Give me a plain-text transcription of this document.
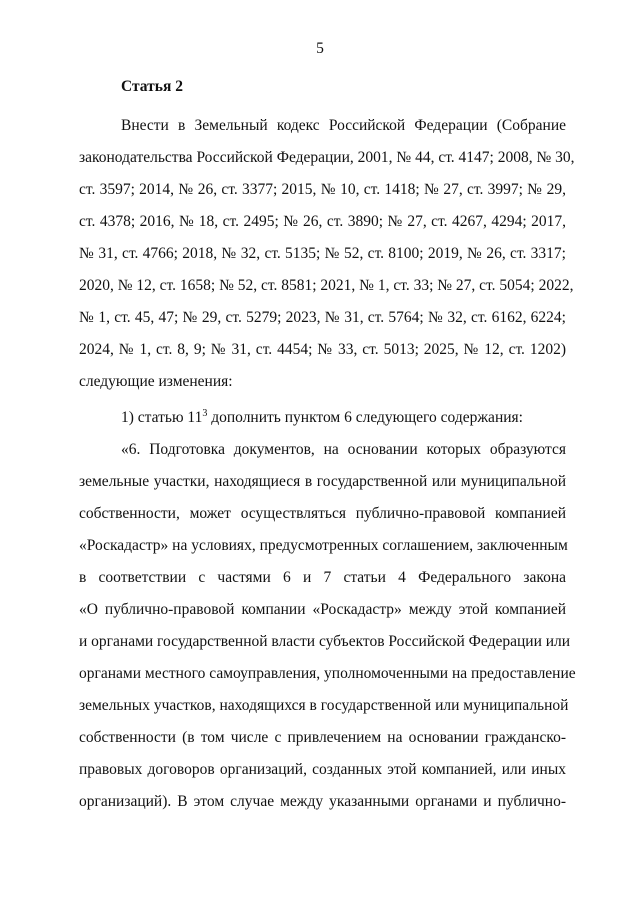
5
Статья 2
Внести в Земельный кодекс Российской Федерации (Собрание
законодательства Российской Федерации, 2001, № 44, ст. 4147; 2008, № 30,
ст. 3597; 2014, № 26, ст. 3377; 2015, № 10, ст. 1418; № 27, ст. 3997; № 29,
ст. 4378; 2016, № 18, ст. 2495; № 26, ст. 3890; № 27, ст. 4267, 4294; 2017,
№ 31, ст. 4766; 2018, № 32, ст. 5135; № 52, ст. 8100; 2019, № 26, ст. 3317;
2020, № 12, ст. 1658; № 52, ст. 8581; 2021, № 1, ст. 33; № 27, ст. 5054; 2022,
№ 1, ст. 45, 47; № 29, ст. 5279; 2023, № 31, ст. 5764; № 32, ст. 6162, 6224;
2024, № 1, ст. 8, 9; № 31, ст. 4454; № 33, ст. 5013; 2025, № 12, ст. 1202)
следующие изменения:
1) статью $11^3$ дополнить пунктом 6 следующего содержания:
«6. Подготовка документов, на основании которых образуются
земельные участки, находящиеся в государственной или муниципальной
собственности, может осуществляться публично-правовой компанией
«Роскадастр» на условиях, предусмотренных соглашением, заключенным
в соответствии с частями 6 и 7 статьи 4 Федерального закона
«О публично-правовой компании «Роскадастр» между этой компанией
и органами государственной власти субъектов Российской Федерации или
органами местного самоуправления, уполномоченными на предоставление
земельных участков, находящихся в государственной или муниципальной
собственности (в том числе с привлечением на основании гражданско-
правовых договоров организаций, созданных этой компанией, или иных
организаций). В этом случае между указанными органами и публично-
